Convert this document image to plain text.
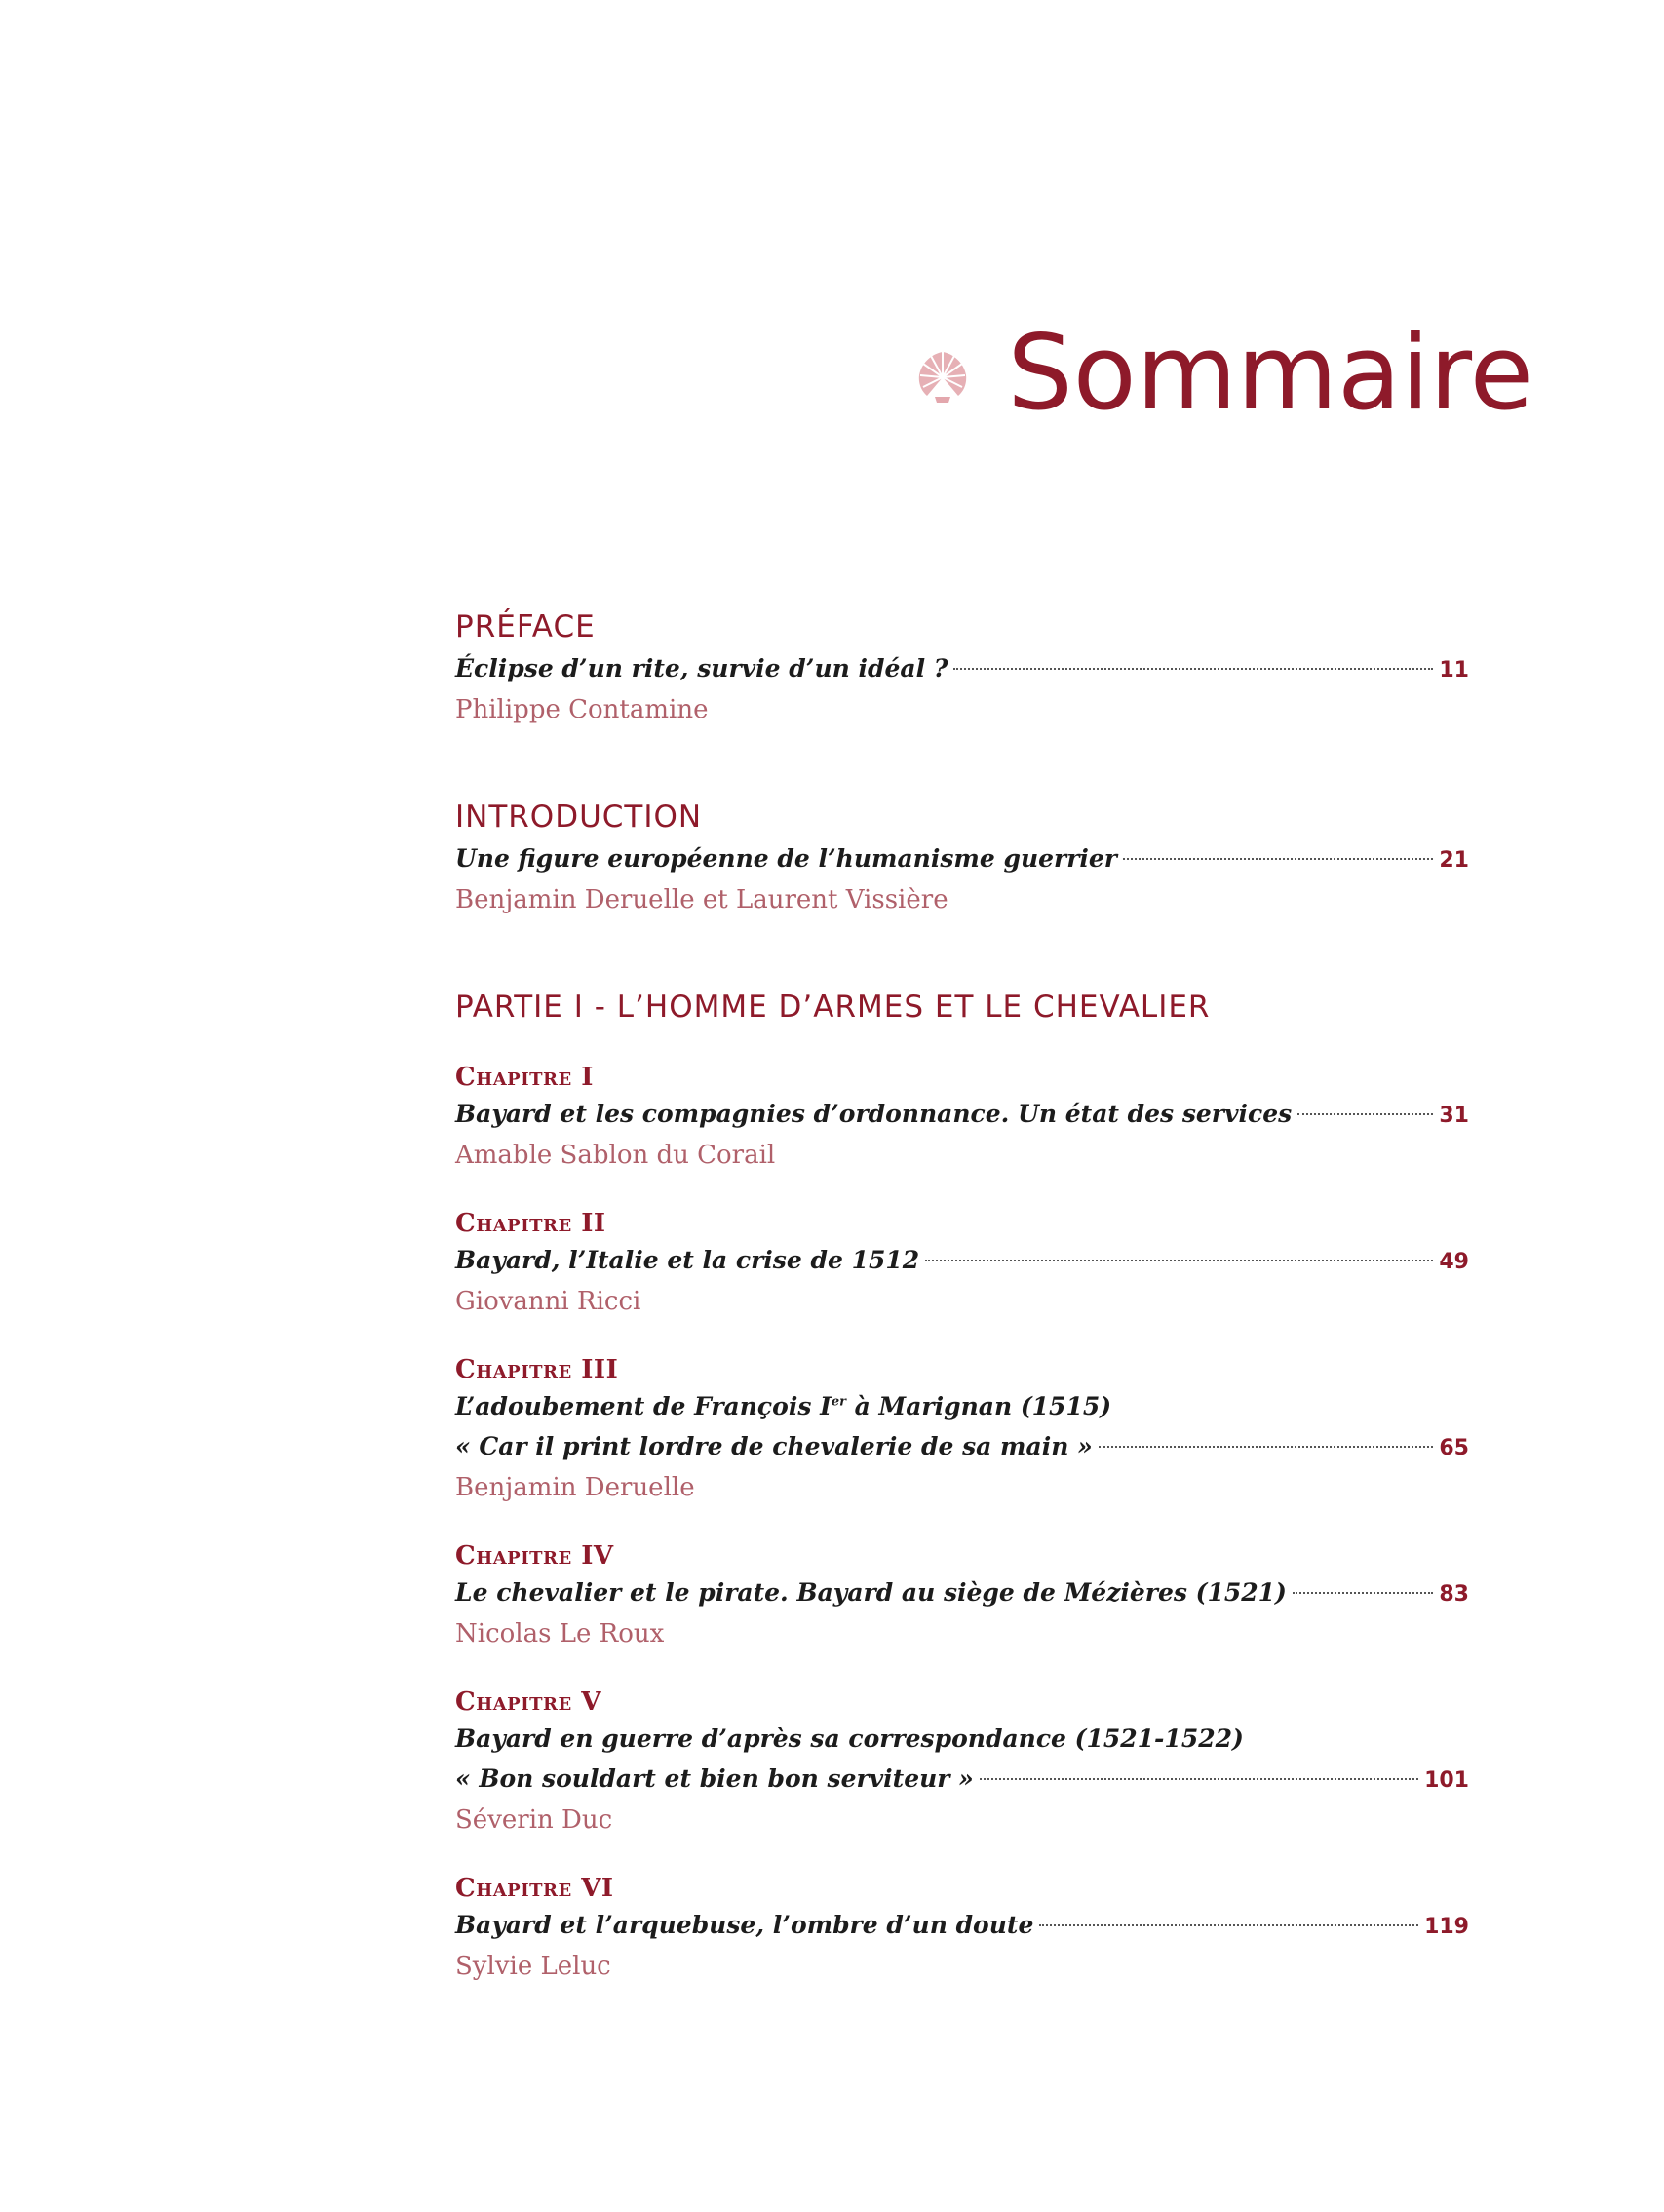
Sommaire
PRÉFACE
Éclipse d’un rite, survie d’un idéal ?	11
Philippe Contamine
INTRODUCTION
Une figure européenne de l’humanisme guerrier	21
Benjamin Deruelle et Laurent Vissière
PARTIE I - L’HOMME D’ARMES ET LE CHEVALIER
Chapitre I
Bayard et les compagnies d’ordonnance. Un état des services	31
Amable Sablon du Corail
Chapitre II
Bayard, l’Italie et la crise de 1512	49
Giovanni Ricci
Chapitre III
L’adoubement de François Ier à Marignan (1515)
« Car il print lordre de chevalerie de sa main »	65
Benjamin Deruelle
Chapitre IV
Le chevalier et le pirate. Bayard au siège de Mézières (1521)	83
Nicolas Le Roux
Chapitre V
Bayard en guerre d’après sa correspondance (1521-1522)
« Bon souldart et bien bon serviteur »	101
Séverin Duc
Chapitre VI
Bayard et l’arquebuse, l’ombre d’un doute	119
Sylvie Leluc
